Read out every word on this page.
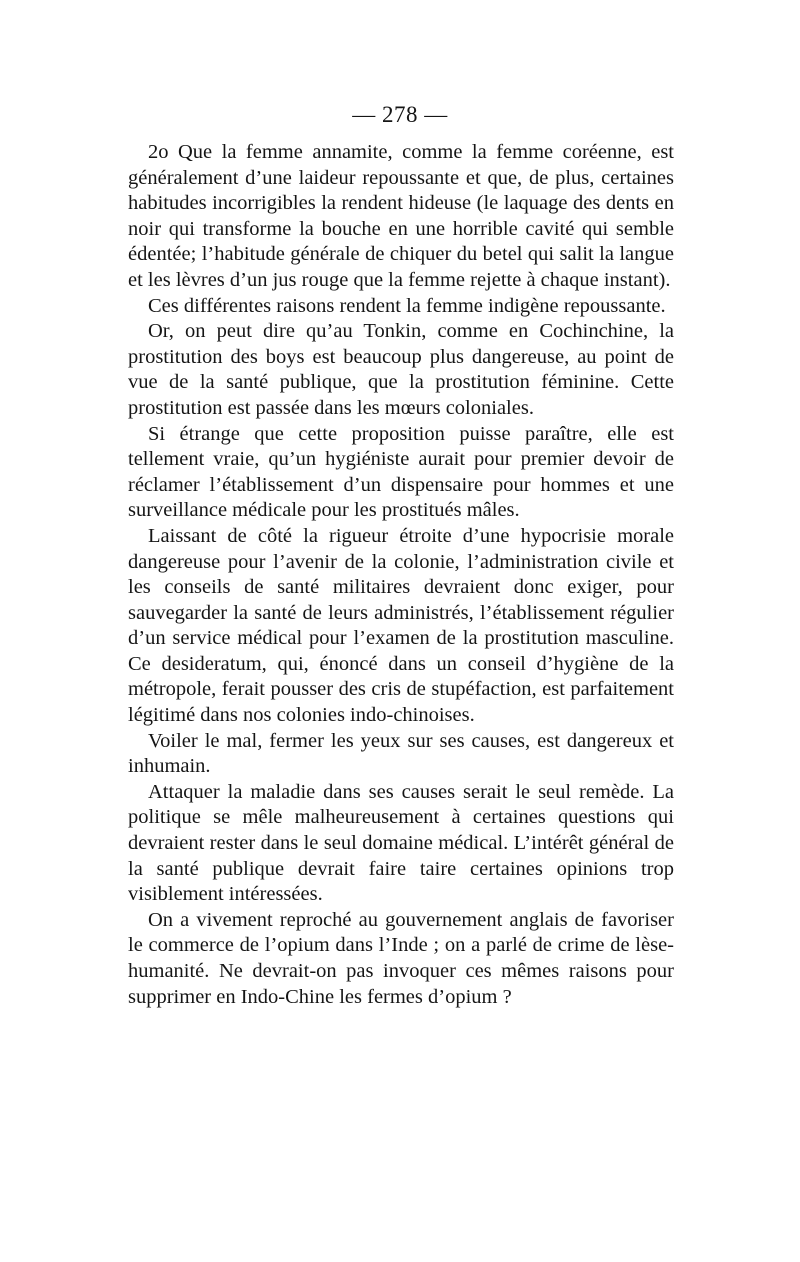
— 278 —

2o Que la femme annamite, comme la femme coréenne, est généralement d’une laideur repoussante et que, de plus, certaines habitudes incorrigibles la rendent hideuse (le laquage des dents en noir qui transforme la bouche en une horrible cavité qui semble édentée; l’habitude générale de chiquer du betel qui salit la langue et les lèvres d’un jus rouge que la femme rejette à chaque instant).

Ces différentes raisons rendent la femme indigène repoussante.

Or, on peut dire qu’au Tonkin, comme en Cochinchine, la prostitution des boys est beaucoup plus dangereuse, au point de vue de la santé publique, que la prostitution féminine. Cette prostitution est passée dans les mœurs coloniales.

Si étrange que cette proposition puisse paraître, elle est tellement vraie, qu’un hygiéniste aurait pour premier devoir de réclamer l’établissement d’un dispensaire pour hommes et une surveillance médicale pour les prostitués mâles.

Laissant de côté la rigueur étroite d’une hypocrisie morale dangereuse pour l’avenir de la colonie, l’administration civile et les conseils de santé militaires devraient donc exiger, pour sauvegarder la santé de leurs administrés, l’établissement régulier d’un service médical pour l’examen de la prostitution masculine. Ce desideratum, qui, énoncé dans un conseil d’hygiène de la métropole, ferait pousser des cris de stupéfaction, est parfaitement légitimé dans nos colonies indo-chinoises.

Voiler le mal, fermer les yeux sur ses causes, est dangereux et inhumain.

Attaquer la maladie dans ses causes serait le seul remède. La politique se mêle malheureusement à certaines questions qui devraient rester dans le seul domaine médical. L’intérêt général de la santé publique devrait faire taire certaines opinions trop visiblement intéressées.

On a vivement reproché au gouvernement anglais de favoriser le commerce de l’opium dans l’Inde ; on a parlé de crime de lèse-humanité. Ne devrait-on pas invoquer ces mêmes raisons pour supprimer en Indo-Chine les fermes d’opium ?
